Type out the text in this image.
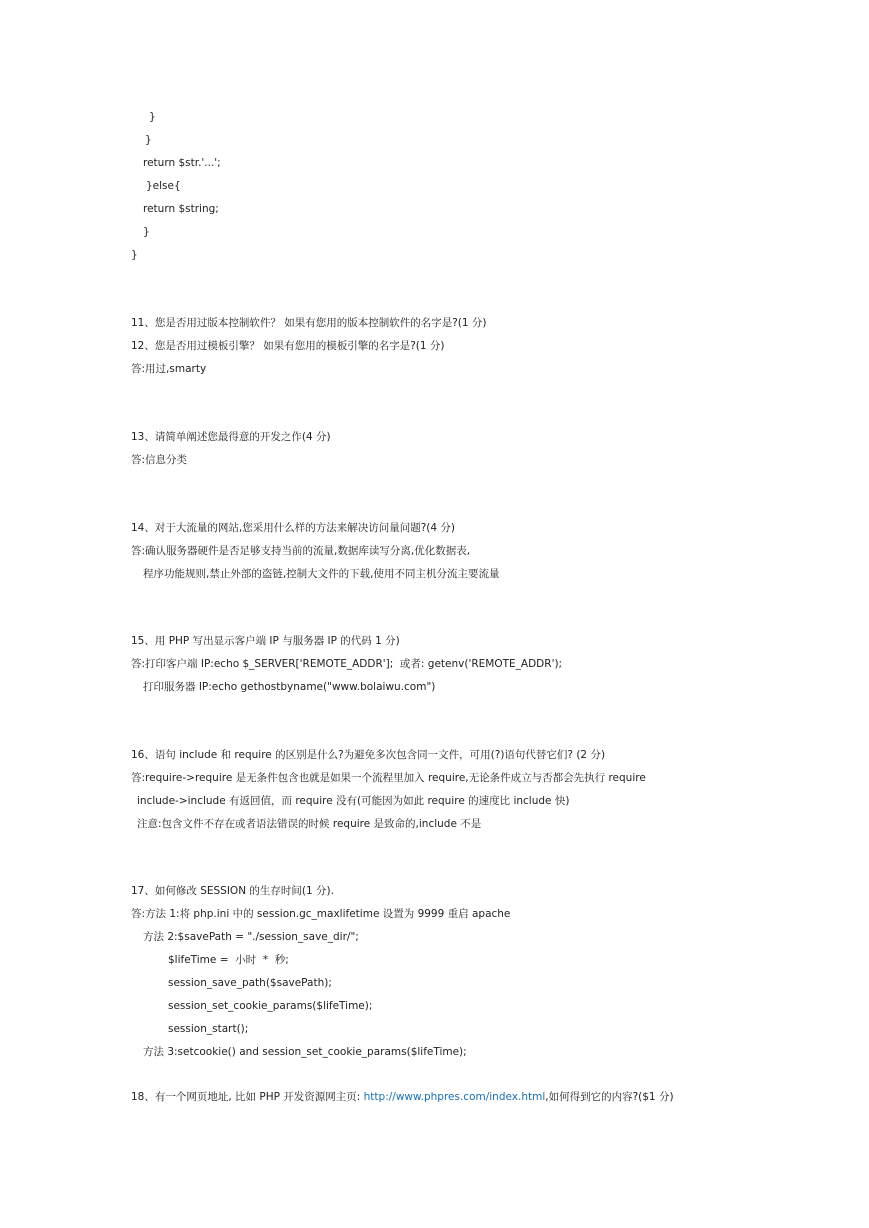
}
}
return $str.'...';
}else{
return $string;
}
}
11、您是否用过版本控制软件？ 如果有您用的版本控制软件的名字是?(1 分)
12、您是否用过模板引擎？ 如果有您用的模板引擎的名字是?(1 分)
答:用过,smarty
13、请简单阐述您最得意的开发之作(4 分)
答:信息分类
14、对于大流量的网站,您采用什么样的方法来解决访问量问题?(4 分)
答:确认服务器硬件是否足够支持当前的流量,数据库读写分离,优化数据表,
程序功能规则,禁止外部的盗链,控制大文件的下载,使用不同主机分流主要流量
15、用 PHP 写出显示客户端 IP 与服务器 IP 的代码 1 分)
答:打印客户端 IP:echo $_SERVER['REMOTE_ADDR'];  或者: getenv('REMOTE_ADDR');
打印服务器 IP:echo gethostbyname("www.bolaiwu.com")
16、语句 include 和 require 的区别是什么?为避免多次包含同一文件，可用(?)语句代替它们? (2 分)
答:require->require 是无条件包含也就是如果一个流程里加入 require,无论条件成立与否都会先执行 require
include->include 有返回值，而 require 没有(可能因为如此 require 的速度比 include 快)
注意:包含文件不存在或者语法错误的时候 require 是致命的,include 不是
17、如何修改 SESSION 的生存时间(1 分).
答:方法 1:将 php.ini 中的 session.gc_maxlifetime 设置为 9999 重启 apache
方法 2:$savePath = "./session_save_dir/";
$lifeTime =  小时  *  秒;
session_save_path($savePath);
session_set_cookie_params($lifeTime);
session_start();
方法 3:setcookie() and session_set_cookie_params($lifeTime);
18、有一个网页地址, 比如 PHP 开发资源网主页: http://www.phpres.com/index.html,如何得到它的内容?($1 分)
